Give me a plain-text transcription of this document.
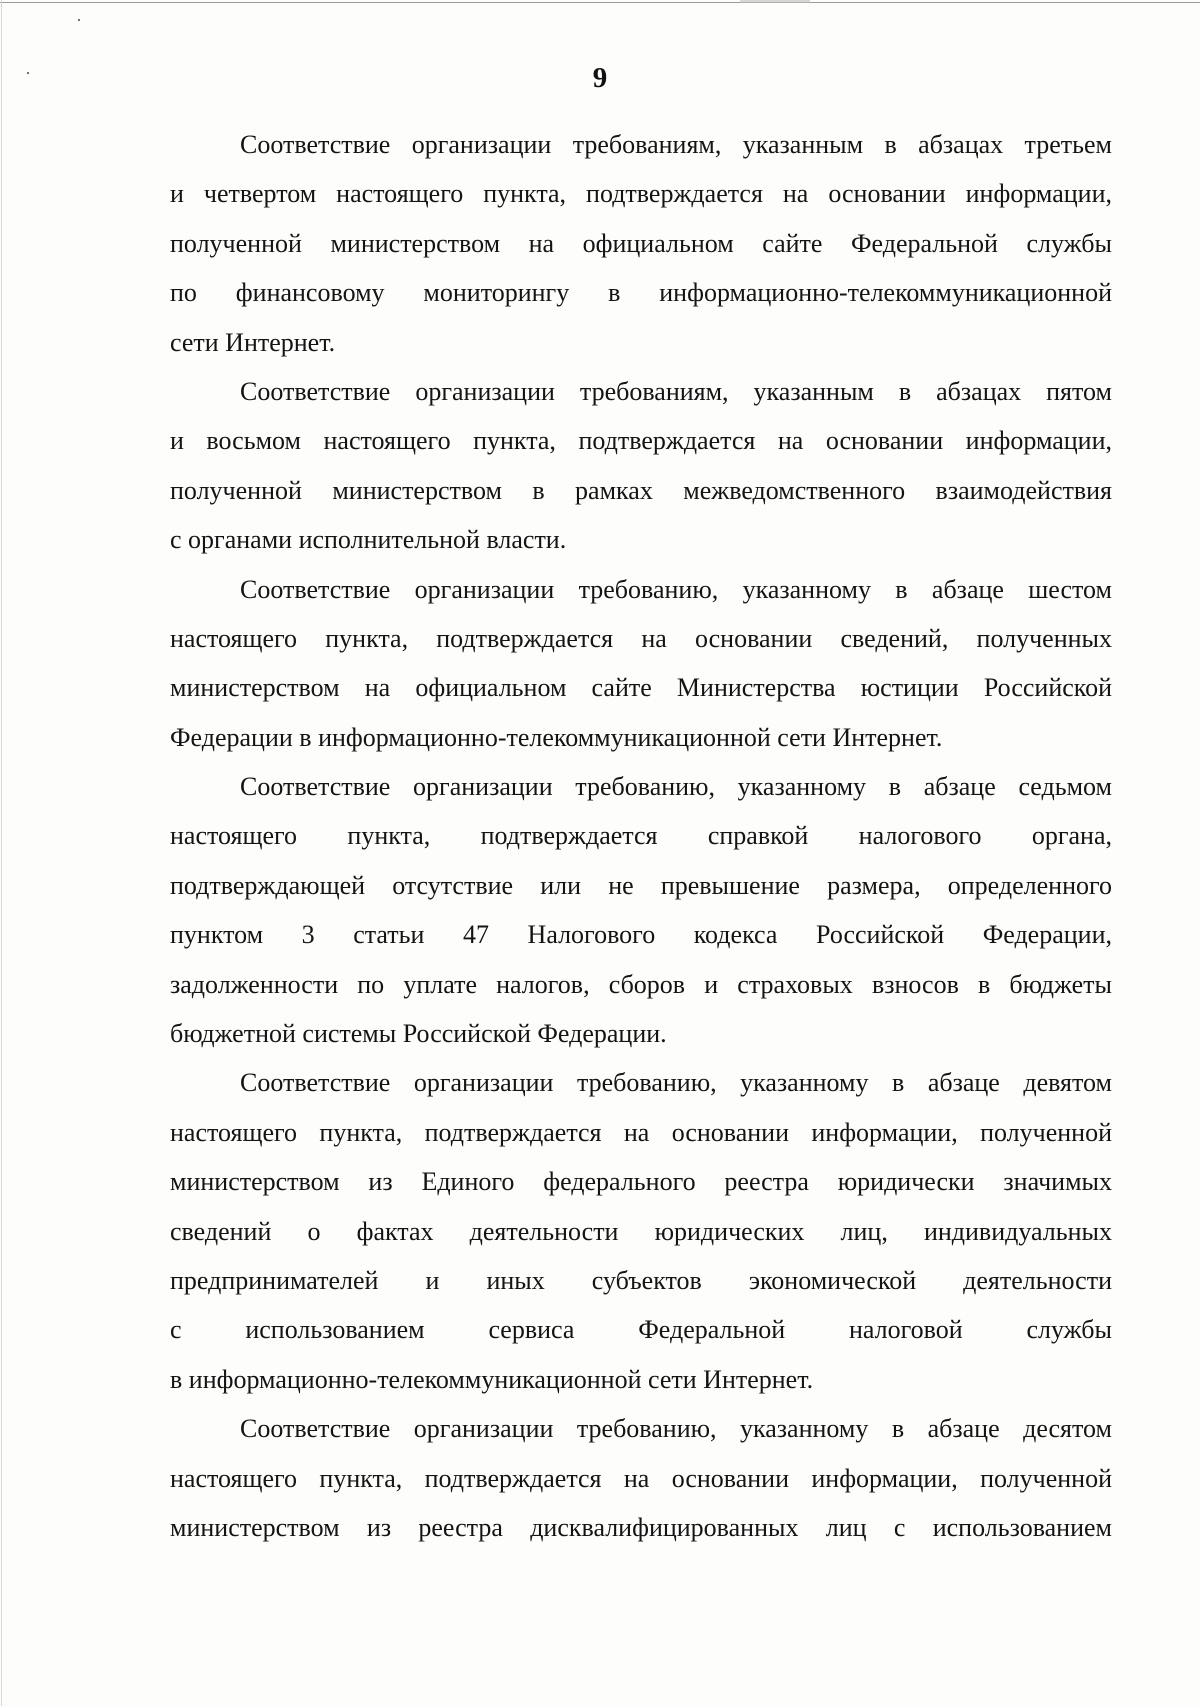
9

Соответствие организации требованиям, указанным в абзацах третьем
и четвертом настоящего пункта, подтверждается на основании информации,
полученной министерством на официальном сайте Федеральной службы
по финансовому мониторингу в информационно-телекоммуникационной
сети Интернет.

Соответствие организации требованиям, указанным в абзацах пятом
и восьмом настоящего пункта, подтверждается на основании информации,
полученной министерством в рамках межведомственного взаимодействия
с органами исполнительной власти.

Соответствие организации требованию, указанному в абзаце шестом
настоящего пункта, подтверждается на основании сведений, полученных
министерством на официальном сайте Министерства юстиции Российской
Федерации в информационно-телекоммуникационной сети Интернет.

Соответствие организации требованию, указанному в абзаце седьмом
настоящего пункта, подтверждается справкой налогового органа,
подтверждающей отсутствие или не превышение размера, определенного
пунктом 3 статьи 47 Налогового кодекса Российской Федерации,
задолженности по уплате налогов, сборов и страховых взносов в бюджеты
бюджетной системы Российской Федерации.

Соответствие организации требованию, указанному в абзаце девятом
настоящего пункта, подтверждается на основании информации, полученной
министерством из Единого федерального реестра юридически значимых
сведений о фактах деятельности юридических лиц, индивидуальных
предпринимателей и иных субъектов экономической деятельности
с использованием сервиса Федеральной налоговой службы
в информационно-телекоммуникационной сети Интернет.

Соответствие организации требованию, указанному в абзаце десятом
настоящего пункта, подтверждается на основании информации, полученной
министерством из реестра дисквалифицированных лиц с использованием
